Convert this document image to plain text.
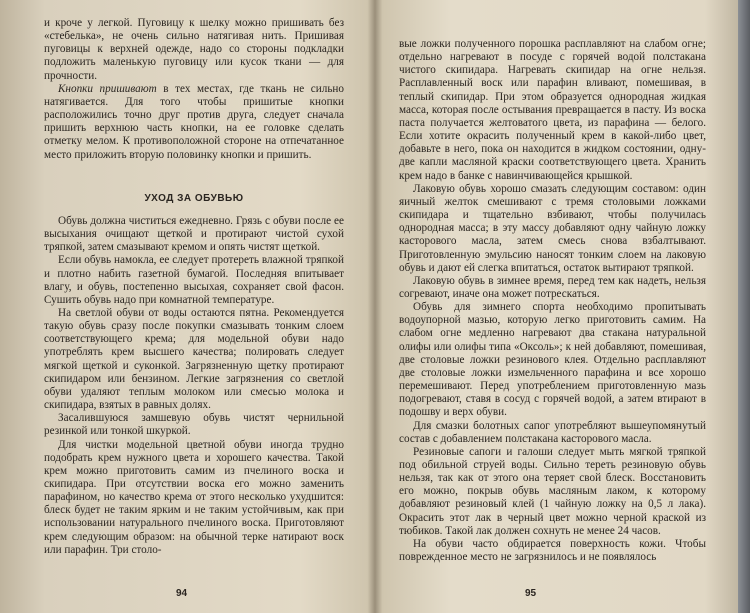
и кроче у легкой. Пуговицу к шелку можно пришивать без «стебелька», не очень сильно натягивая нить. Пришивая пуговицы к верхней одежде, надо со стороны подкладки подложить маленькую пуговицу или кусок ткани — для прочности.

Кнопки пришивают в тех местах, где ткань не сильно натягивается. Для того чтобы пришитые кнопки расположились точно друг против друга, следует сначала пришить верхнюю часть кнопки, на ее головке сделать отметку мелом. К противоположной стороне на отпечатанное место приложить вторую половинку кнопки и пришить.

УХОД ЗА ОБУВЬЮ

Обувь должна чиститься ежедневно. Грязь с обуви после ее высыхания очищают щеткой и протирают чистой сухой тряпкой, затем смазывают кремом и опять чистят щеткой.

Если обувь намокла, ее следует протереть влажной тряпкой и плотно набить газетной бумагой. Последняя впитывает влагу, и обувь, постепенно высыхая, сохраняет свой фасон. Сушить обувь надо при комнатной температуре.

На светлой обуви от воды остаются пятна. Рекомендуется такую обувь сразу после покупки смазывать тонким слоем соответствующего крема; для модельной обуви надо употреблять крем высшего качества; полировать следует мягкой щеткой и суконкой. Загрязненную щетку протирают скипидаром или бензином. Легкие загрязнения со светлой обуви удаляют теплым молоком или смесью молока и скипидара, взятых в равных долях.

Засалившуюся замшевую обувь чистят чернильной резинкой или тонкой шкуркой.

Для чистки модельной цветной обуви иногда трудно подобрать крем нужного цвета и хорошего качества. Такой крем можно приготовить самим из пчелиного воска и скипидара. При отсутствии воска его можно заменить парафином, но качество крема от этого несколько ухудшится: блеск будет не таким ярким и не таким устойчивым, как при использовании натурального пчелиного воска. Приготовляют крем следующим образом: на обычной терке натирают воск или парафин. Три столо-

94

вые ложки полученного порошка расплавляют на слабом огне; отдельно нагревают в посуде с горячей водой полстакана чистого скипидара. Нагревать скипидар на огне нельзя. Расплавленный воск или парафин вливают, помешивая, в теплый скипидар. При этом образуется однородная жидкая масса, которая после остывания превращается в пасту. Из воска паста получается желтоватого цвета, из парафина — белого. Если хотите окрасить полученный крем в какой-либо цвет, добавьте в него, пока он находится в жидком состоянии, одну-две капли масляной краски соответствующего цвета. Хранить крем надо в банке с навинчивающейся крышкой.

Лаковую обувь хорошо смазать следующим составом: один яичный желток смешивают с тремя столовыми ложками скипидара и тщательно взбивают, чтобы получилась однородная масса; в эту массу добавляют одну чайную ложку касторового масла, затем смесь снова взбалтывают. Приготовленную эмульсию наносят тонким слоем на лаковую обувь и дают ей слегка впитаться, остаток вытирают тряпкой.

Лаковую обувь в зимнее время, перед тем как надеть, нельзя согревают, иначе она может потрескаться.

Обувь для зимнего спорта необходимо пропитывать водоупорной мазью, которую легко приготовить самим. На слабом огне медленно нагревают два стакана натуральной олифы или олифы типа «Оксоль»; к ней добавляют, помешивая, две столовые ложки резинового клея. Отдельно расплавляют две столовые ложки измельченного парафина и все хорошо перемешивают. Перед употреблением приготовленную мазь подогревают, ставя в сосуд с горячей водой, а затем втирают в подошву и верх обуви.

Для смазки болотных сапог употребляют вышеупомянутый состав с добавлением полстакана касторового масла.

Резиновые сапоги и галоши следует мыть мягкой тряпкой под обильной струей воды. Сильно тереть резиновую обувь нельзя, так как от этого она теряет свой блеск. Восстановить его можно, покрыв обувь масляным лаком, к которому добавляют резиновый клей (1 чайную ложку на 0,5 л лака). Окрасить этот лак в черный цвет можно черной краской из тюбиков. Такой лак должен сохнуть не менее 24 часов.

На обуви часто обдирается поверхность кожи. Чтобы поврежденное место не загрязнилось и не появлялось

95
